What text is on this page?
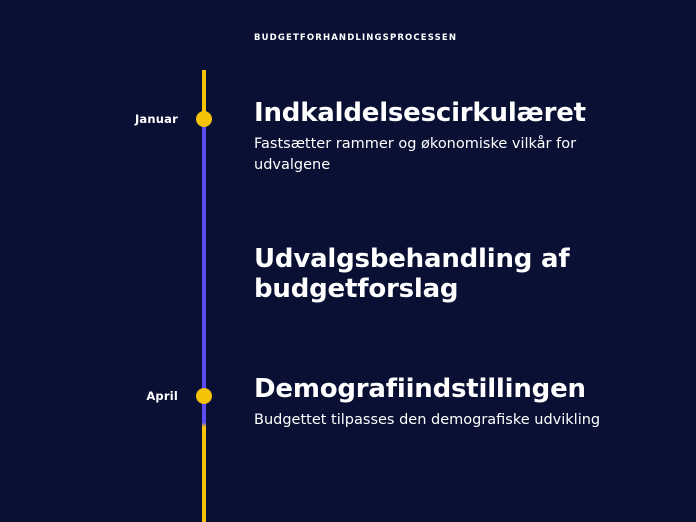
BUDGETFORHANDLINGSPROCESSEN
Januar
April
Indkaldelsescirkulæret
Fastsætter rammer og økonomiske vilkår for udvalgene
Udvalgsbehandling af budgetforslag
Demografiindstillingen
Budgettet tilpasses den demografiske udvikling
